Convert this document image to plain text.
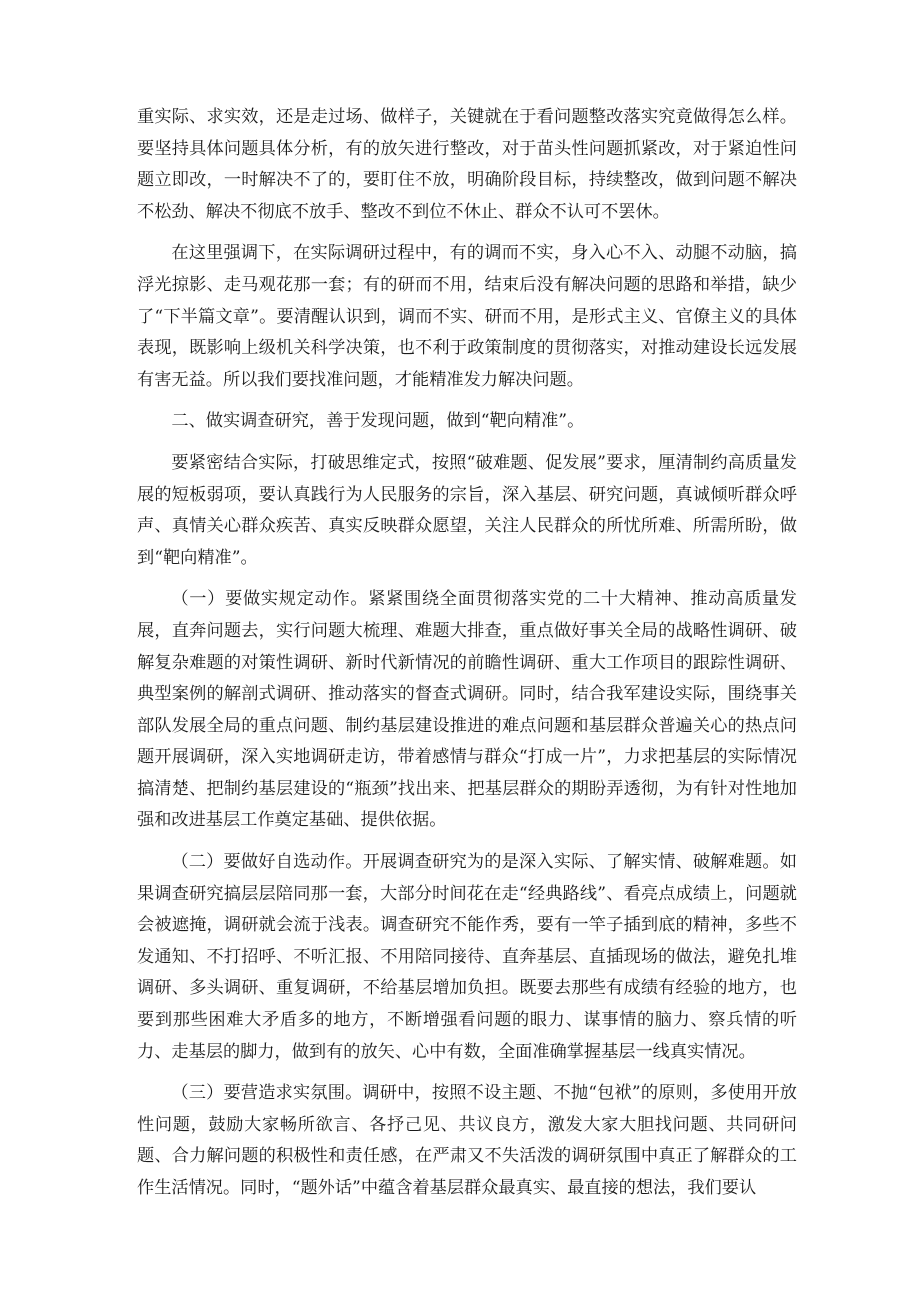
重实际、求实效，还是走过场、做样子，关键就在于看问题整改落实究竟做得怎么样。要坚持具体问题具体分析，有的放矢进行整改，对于苗头性问题抓紧改，对于紧迫性问题立即改，一时解决不了的，要盯住不放，明确阶段目标，持续整改，做到问题不解决不松劲、解决不彻底不放手、整改不到位不休止、群众不认可不罢休。

在这里强调下，在实际调研过程中，有的调而不实，身入心不入、动腿不动脑，搞浮光掠影、走马观花那一套；有的研而不用，结束后没有解决问题的思路和举措，缺少了“下半篇文章”。要清醒认识到，调而不实、研而不用，是形式主义、官僚主义的具体表现，既影响上级机关科学决策，也不利于政策制度的贯彻落实，对推动建设长远发展有害无益。所以我们要找准问题，才能精准发力解决问题。

二、做实调查研究，善于发现问题，做到“靶向精准”。

要紧密结合实际，打破思维定式，按照“破难题、促发展”要求，厘清制约高质量发展的短板弱项，要认真践行为人民服务的宗旨，深入基层、研究问题，真诚倾听群众呼声、真情关心群众疾苦、真实反映群众愿望，关注人民群众的所忧所难、所需所盼，做到“靶向精准”。

（一）要做实规定动作。紧紧围绕全面贯彻落实党的二十大精神、推动高质量发展，直奔问题去，实行问题大梳理、难题大排查，重点做好事关全局的战略性调研、破解复杂难题的对策性调研、新时代新情况的前瞻性调研、重大工作项目的跟踪性调研、典型案例的解剖式调研、推动落实的督查式调研。同时，结合我军建设实际，围绕事关部队发展全局的重点问题、制约基层建设推进的难点问题和基层群众普遍关心的热点问题开展调研，深入实地调研走访，带着感情与群众“打成一片”，力求把基层的实际情况搞清楚、把制约基层建设的“瓶颈”找出来、把基层群众的期盼弄透彻，为有针对性地加强和改进基层工作奠定基础、提供依据。

（二）要做好自选动作。开展调查研究为的是深入实际、了解实情、破解难题。如果调查研究搞层层陪同那一套，大部分时间花在走“经典路线”、看亮点成绩上，问题就会被遮掩，调研就会流于浅表。调查研究不能作秀，要有一竿子插到底的精神，多些不发通知、不打招呼、不听汇报、不用陪同接待、直奔基层、直插现场的做法，避免扎堆调研、多头调研、重复调研，不给基层增加负担。既要去那些有成绩有经验的地方，也要到那些困难大矛盾多的地方，不断增强看问题的眼力、谋事情的脑力、察兵情的听力、走基层的脚力，做到有的放矢、心中有数，全面准确掌握基层一线真实情况。

（三）要营造求实氛围。调研中，按照不设主题、不抛“包袱”的原则，多使用开放性问题，鼓励大家畅所欲言、各抒己见、共议良方，激发大家大胆找问题、共同研问题、合力解问题的积极性和责任感，在严肃又不失活泼的调研氛围中真正了解群众的工作生活情况。同时，“题外话”中蕴含着基层群众最真实、最直接的想法，我们要认
